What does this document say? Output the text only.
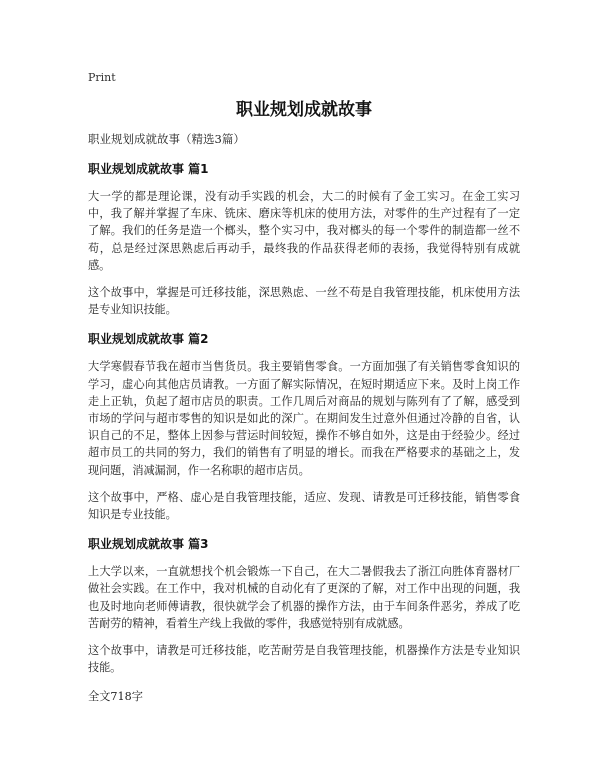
Print
职业规划成就故事
职业规划成就故事（精选3篇）
职业规划成就故事 篇1

大一学的都是理论课，没有动手实践的机会，大二的时候有了金工实习。在金工实习中，我了解并掌握了车床、铣床、磨床等机床的使用方法，对零件的生产过程有了一定了解。我们的任务是造一个榔头，整个实习中，我对榔头的每一个零件的制造都一丝不苟，总是经过深思熟虑后再动手，最终我的作品获得老师的表扬，我觉得特别有成就感。

这个故事中，掌握是可迁移技能，深思熟虑、一丝不苟是自我管理技能，机床使用方法是专业知识技能。

职业规划成就故事 篇2

大学寒假春节我在超市当售货员。我主要销售零食。一方面加强了有关销售零食知识的学习，虚心向其他店员请教。一方面了解实际情况，在短时期适应下来。及时上岗工作走上正轨，负起了超市店员的职责。工作几周后对商品的规划与陈列有了了解，感受到市场的学问与超市零售的知识是如此的深广。在期间发生过意外但通过冷静的自省，认识自己的不足，整体上因参与营运时间较短，操作不够自如外，这是由于经验少。经过超市员工的共同的努力，我们的销售有了明显的增长。而我在严格要求的基础之上，发现问题，消减漏洞，作一名称职的超市店员。

这个故事中，严格、虚心是自我管理技能，适应、发现、请教是可迁移技能，销售零食知识是专业技能。

职业规划成就故事 篇3

上大学以来，一直就想找个机会锻炼一下自己，在大二暑假我去了浙江向胜体育器材厂做社会实践。在工作中，我对机械的自动化有了更深的了解，对工作中出现的问题，我也及时地向老师傅请教，很快就学会了机器的操作方法，由于车间条件恶劣，养成了吃苦耐劳的精神，看着生产线上我做的零件，我感觉特别有成就感。

这个故事中，请教是可迁移技能，吃苦耐劳是自我管理技能，机器操作方法是专业知识技能。

全文718字
